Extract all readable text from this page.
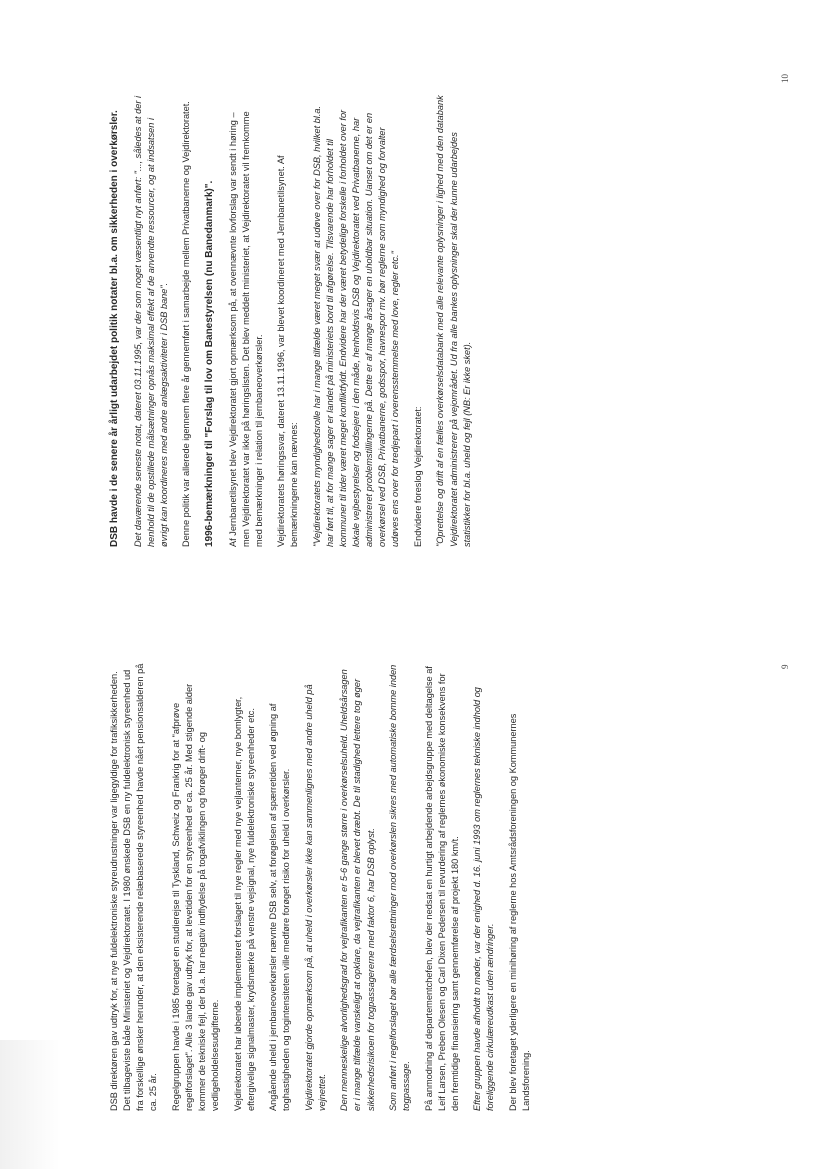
DSB direktøren gav udtryk for, at nye fuldelektroniske styreudrustninger var ligegyldige for trafiksikkerheden. Det tilbageviste både Ministeriet og Vejdirektoratet. I 1980 ønskede DSB en ny fuldelektronisk styreenhed ud fra forskellige ønsker herunder, at den eksisterende relæbaserede styreenhed havde nået pensionsalderen på ca. 25 år. Regelgruppen havde i 1985 foretaget en studierejse til Tyskland, Schweiz og Frankrig for at "afprøve regelforslaget". Alle 3 lande gav udtryk for, at levetiden for en styreenhed er ca. 25 år. Med stigende alder kommer de tekniske fejl, der bl.a. har negativ indflydelse på togafviklingen og forøger drift- og vedligeholdelsesudgifterne. Vejdirektoratet har løbende implementeret forslaget til nye regler med nye vejlanterner, nye bomlygter, eftergivelige signalmaster, krydsmærke på venstre vejsignal, nye fuldelektroniske styreenheder etc. Angående uheld i jernbaneoverkørsler nævnte DSB selv, at forøgelsen af spærretiden ved øgning af toghastigheden og togintensiteten ville medføre forøget risiko for uheld i overkørsler. Vejdirektoratet gjorde opmærksom på, at uheld i overkørsler ikke kan sammenlignes med andre uheld på vejnettet. Den menneskelige alvorlighedsgrad for vejtrafikanten er 5-6 gange større i overkørselsuheld. Uheldsårsagen er i mange tilfælde vanskeligt at opklare, da vejtrafikanten er blevet dræbt. De til stadighed lettere tog øger sikkerhedsrisikoen for togpassagererne med faktor 6, har DSB oplyst. Som anført i regelforslaget bør alle færdselsrettninger mod overkørslen sikres med automatiske bomme inden togpassage. På anmodning af departementchefen, blev der nedsat en hurtigt arbejdende arbejdsgruppe med deltagelse af Leif Larsen, Preben Olesen og Carl Dixen Pedersen til revurdering af reglernes økonomiske konsekvens for den fremtidige finansiering samt gennemførelse af projekt 180 km/t. Efter gruppen havde afholdt to møder, var der enighed d. 16. juni 1993 om reglernes tekniske indhold og foreliggende cirkulæreudkast uden ændringer. Der blev foretaget yderligere en minihøring af reglerne hos Amtsrådsforeningen og Kommunernes Landsforening.

DSB havde i de senere år årligt udarbejdet politik notater bl.a. om sikkerheden i overkørsler. Det daværende seneste notat, dateret 03.11.1995, var der som noget væsentligt nyt anført: "..., således at der i henhold til de opstillede målsætninger opnås maksimal effekt af de anvendte ressourcer, og at indsatsen i øvrigt kan koordineres med andre anlægsaktiviteter i DSB bane". Denne politik var allerede igennem flere år gennemført i samarbejde mellem Privatbanerne og Vejdirektoratet. 1996-bemærkninger til "Forslag til lov om Banestyrelsen (nu Banedanmark)". Af Jernbanetilsynet blev Vejdirektoratet gjort opmærksom på, at ovennævnte lovforslag var sendt i høring – men Vejdirektoratet var ikke på høringslisten. Det blev meddelt ministeriet, at Vejdirektoratet vil fremkomme med bemærkninger i relation til jernbaneoverkørsler. Vejdirektoratets høringssvar, dateret 13.11.1996, var blevet koordineret med Jernbanetilsynet. Af bemærkningerne kan nævnes: "Vejdirektoratets myndighedsrolle har i mange tilfælde været meget svær at udøve over for DSB, hvilket bl.a. har ført til, at for mange sager er landet på ministeriets bord til afgørelse. Tilsvarende har forholdet til kommuner til tider været meget konfliktfyldt. Endvidere har der været betydelige forskelle i forholdet over for lokale vejbestyrelser og fodsejere i den måde, henholdsvis DSB og Vejdirektoratet ved Privatbanerne, har administreret problemstillingerne på. Dette er af mange årsager en uholdbar situation. Uanset om det er en overkørsel ved DSB, Privatbanerne, godsspor, havnespor mv. bør reglerne som myndighed og forvalter udøves ens over for tredjepart i overensstemmelse med love, regler etc." Endvidere foreslog Vejdirektoratet: "Oprettelse og drift af en fælles overkørselsdatabank med alle relevante oplysninger i lighed med den databank Vejdirektoratet administrerer på vejområdet. Ud fra alle bankes oplysninger skal der kunne udarbejdes statistikker for bl.a. uheld og fejl (NB: Er ikke sket).

9
10
